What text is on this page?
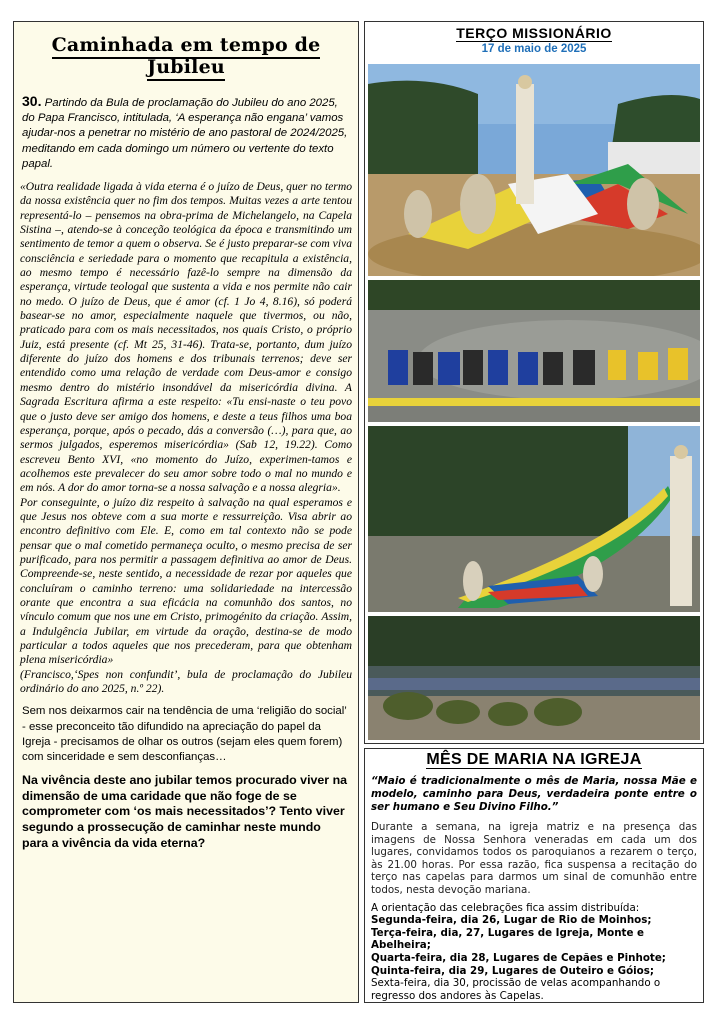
Caminhada em tempo de Jubileu
30. Partindo da Bula de proclamação do Jubileu do ano 2025, do Papa Francisco, intitulada, ‘A esperança não engana’ vamos ajudar-nos a penetrar no mistério de ano pastoral de 2024/2025, meditando em cada domingo um número ou vertente do texto papal.
«Outra realidade ligada à vida eterna é o juízo de Deus, quer no termo da nossa existência quer no fim dos tempos. Muitas vezes a arte tentou representá-lo – pensemos na obra-prima de Michelangelo, na Capela Sistina –, atendo-se à conceção teológica da época e transmitindo um sentimento de temor a quem o observa. Se é justo preparar-se com viva consciência e seriedade para o momento que recapitula a existência, ao mesmo tempo é necessário fazê-lo sempre na dimensão da esperança, virtude teologal que sustenta a vida e nos permite não cair no medo. O juízo de Deus, que é amor (cf. 1 Jo 4, 8.16), só poderá basear-se no amor, especialmente naquele que tivermos, ou não, praticado para com os mais necessitados, nos quais Cristo, o próprio Juiz, está presente (cf. Mt 25, 31-46). Trata-se, portanto, dum juízo diferente do juízo dos homens e dos tribunais terrenos; deve ser entendido como uma relação de verdade com Deus-amor e consigo mesmo dentro do mistério insondável da misericórdia divina. A Sagrada Escritura afirma a este respeito: «Tu ensi-naste o teu povo que o justo deve ser amigo dos homens, e deste a teus filhos uma boa esperança, porque, após o pecado, dás a conversão (…), para que, ao sermos julgados, esperemos misericórdia» (Sab 12, 19.22). Como escreveu Bento XVI, «no momento do Juízo, experimen-tamos e acolhemos este prevalecer do seu amor sobre todo o mal no mundo e em nós. A dor do amor torna-se a nossa salvação e a nossa alegria».
Por conseguinte, o juízo diz respeito à salvação na qual esperamos e que Jesus nos obteve com a sua morte e ressurreição. Visa abrir ao encontro definitivo com Ele. E, como em tal contexto não se pode pensar que o mal cometido permaneça oculto, o mesmo precisa de ser purificado, para nos permitir a passagem definitiva ao amor de Deus. Compreende-se, neste sentido, a necessidade de rezar por aqueles que concluíram o caminho terreno: uma solidariedade na intercessão orante que encontra a sua eficácia na comunhão dos santos, no vínculo comum que nos une em Cristo, primogénito da criação. Assim, a Indulgência Jubilar, em virtude da oração, destina-se de modo particular a todos aqueles que nos precederam, para que obtenham plena misericórdia»
(Francisco,‘Spes non confundit’, bula de proclamação do Jubileu ordinário do ano 2025, n.º 22).
Sem nos deixarmos cair na tendência de uma ‘religião do social’ - esse preconceito tão difundido na apreciação do papel da Igreja - precisamos de olhar os outros (sejam eles quem forem) com sinceridade e sem desconfianças…
Na vivência deste ano jubilar temos procurado viver na dimensão de uma caridade que não foge de se comprometer com ‘os mais necessitados’? Tento viver segundo a prossecução de caminhar neste mundo para a vivência da vida eterna?
TERÇO MISSIONÁRIO
17 de maio de 2025
MÊS DE MARIA NA IGREJA
“Maio é tradicionalmente o mês de Maria, nossa Mãe e modelo, caminho para Deus, verdadeira ponte entre o ser humano e Seu Divino Filho.”
Durante a semana, na igreja matriz e na presença das imagens de Nossa Senhora veneradas em cada um dos lugares, convidamos todos os paroquianos a rezarem o terço, às 21.00 horas. Por essa razão, fica suspensa a recitação do terço nas capelas para darmos um sinal de comunhão entre todos, nesta devoção mariana.
A orientação das celebrações fica assim distribuída:
Segunda-feira, dia 26, Lugar de Rio de Moinhos;
Terça-feira, dia, 27, Lugares de Igreja, Monte e Abelheira;
Quarta-feira, dia 28, Lugares de Cepães e Pinhote;
Quinta-feira, dia 29, Lugares de Outeiro e Góios;
Sexta-feira, dia 30, procissão de velas acompanhando o regresso dos andores às Capelas.
